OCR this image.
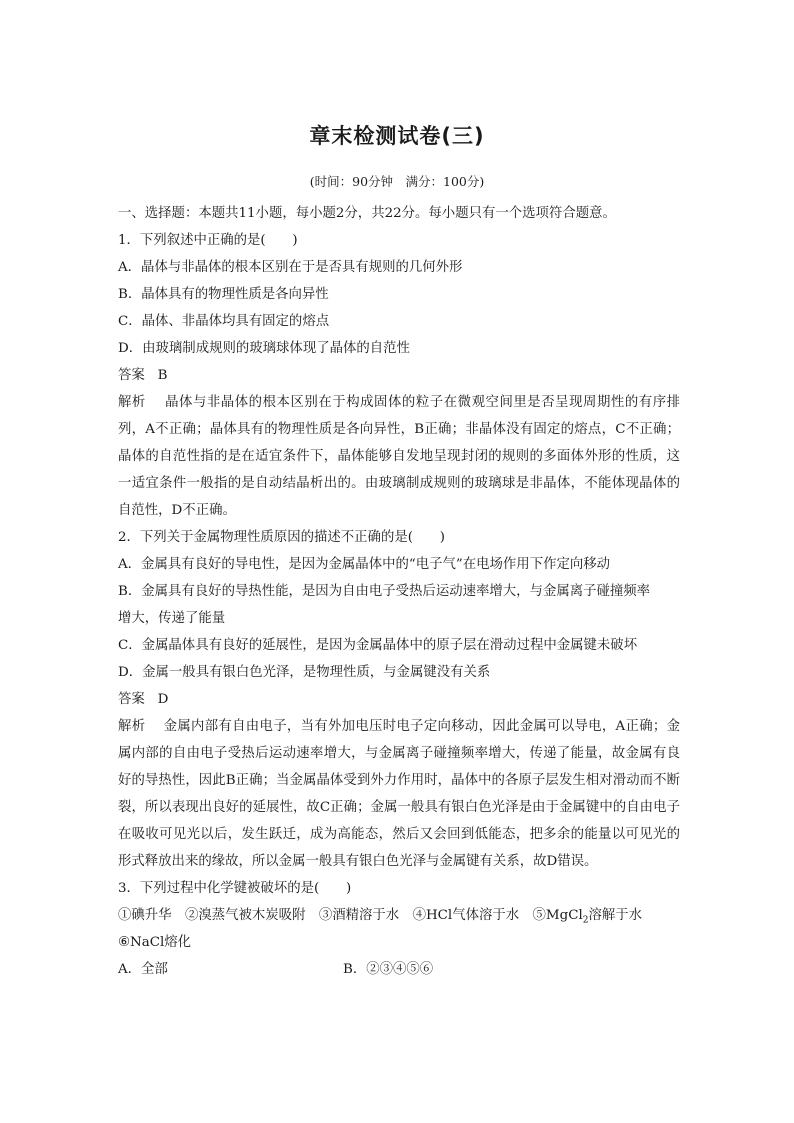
章末检测试卷(三)
(时间：90分钟　满分：100分)
一、选择题：本题共11小题，每小题2分，共22分。每小题只有一个选项符合题意。
1．下列叙述中正确的是(　　)
A．晶体与非晶体的根本区别在于是否具有规则的几何外形
B．晶体具有的物理性质是各向异性
C．晶体、非晶体均具有固定的熔点
D．由玻璃制成规则的玻璃球体现了晶体的自范性
答案 B
解析 晶体与非晶体的根本区别在于构成固体的粒子在微观空间里是否呈现周期性的有序排列，A不正确；晶体具有的物理性质是各向异性，B正确；非晶体没有固定的熔点，C不正确；晶体的自范性指的是在适宜条件下，晶体能够自发地呈现封闭的规则的多面体外形的性质，这一适宜条件一般指的是自动结晶析出的。由玻璃制成规则的玻璃球是非晶体，不能体现晶体的自范性，D不正确。
2．下列关于金属物理性质原因的描述不正确的是(　　)
A．金属具有良好的导电性，是因为金属晶体中的“电子气”在电场作用下作定向移动
B．金属具有良好的导热性能，是因为自由电子受热后运动速率增大，与金属离子碰撞频率
增大，传递了能量
C．金属晶体具有良好的延展性，是因为金属晶体中的原子层在滑动过程中金属键未破坏
D．金属一般具有银白色光泽，是物理性质，与金属键没有关系
答案 D
解析 金属内部有自由电子，当有外加电压时电子定向移动，因此金属可以导电，A正确；金属内部的自由电子受热后运动速率增大，与金属离子碰撞频率增大，传递了能量，故金属有良好的导热性，因此B正确；当金属晶体受到外力作用时，晶体中的各原子层发生相对滑动而不断裂，所以表现出良好的延展性，故C正确；金属一般具有银白色光泽是由于金属键中的自由电子在吸收可见光以后，发生跃迁，成为高能态，然后又会回到低能态，把多余的能量以可见光的形式释放出来的缘故，所以金属一般具有银白色光泽与金属键有关系，故D错误。
3．下列过程中化学键被破坏的是(　　)
①碘升华　②溴蒸气被木炭吸附　③酒精溶于水　④HCl气体溶于水　⑤MgCl$_2$溶解于水
⑥NaCl熔化
A．全部	B．②③④⑤⑥
